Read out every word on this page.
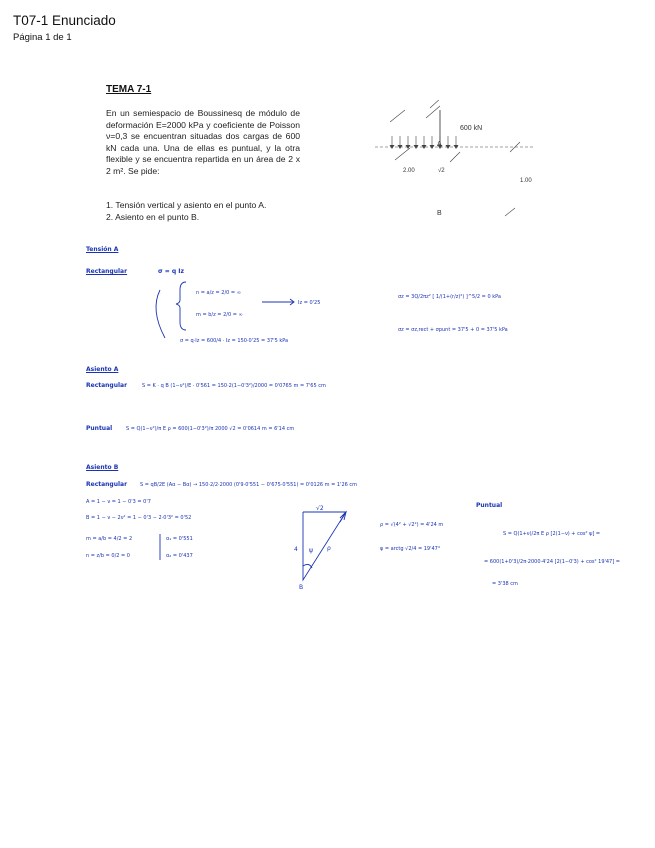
T07-1 Enunciado
Página 1 de 1
TEMA 7-1
En un semiespacio de Boussinesq de módulo de deformación E=2000 kPa y coeficiente de Poisson ν=0,3 se encuentran situadas dos cargas de 600 kN cada una. Una de ellas es puntual, y la otra flexible y se encuentra repartida en un área de 2 x 2 m². Se pide:
1. Tensión vertical y asiento en el punto A.
2. Asiento en el punto B.
600 kN
A
B
2.00	√2
1.00
Tensión A
Rectangular	σ = q Iz
n = a/z = 2/0 = ∞
m = b/z = 2/0 = ∞
Iz = 0'25
σ = q·Iz = 600/4 · Iz = 150·0'25 = 37'5 kPa
σz = 3Q/2πz² [ 1/(1+(r/z)²) ]^5/2 = 0 kPa
σz = σz,rect + σpunt = 37'5 + 0 = 37'5 kPa
Asiento A
Rectangular	S = K · q B (1−ν²)/E · 0'561 = 150·2(1−0'3²)/2000 = 0'0765 m = 7'65 cm
Puntual	S = Q(1−ν²)/π E ρ = 600(1−0'3²)/π 2000 √2 = 0'0614 m = 6'14 cm
Asiento B
Rectangular	S = qB/2E (Aα − Bα) → 150·2/2·2000 (0'9·0'551 − 0'675·0'551) = 0'0126 m = 1'26 cm
A = 1 − ν = 1 − 0'3 = 0'7
B = 1 − ν − 2ν² = 1 − 0'3 − 2·0'3² = 0'52
m = a/b = 4/2 = 2
n = z/b = 0/2 = 0
α₁ = 0'551
α₂ = 0'437
√2
4 ψ ρ
B
Puntual
ρ = √(4² + √2²) = 4'24 m
ψ = arctg √2/4 = 19'47°
S = Q(1+ν)/2π E ρ [2(1−ν) + cos² ψ] =
= 600(1+0'3)/2π·2000·4'24 [2(1−0'3) + cos² 19'47] =
= 3'38 cm
